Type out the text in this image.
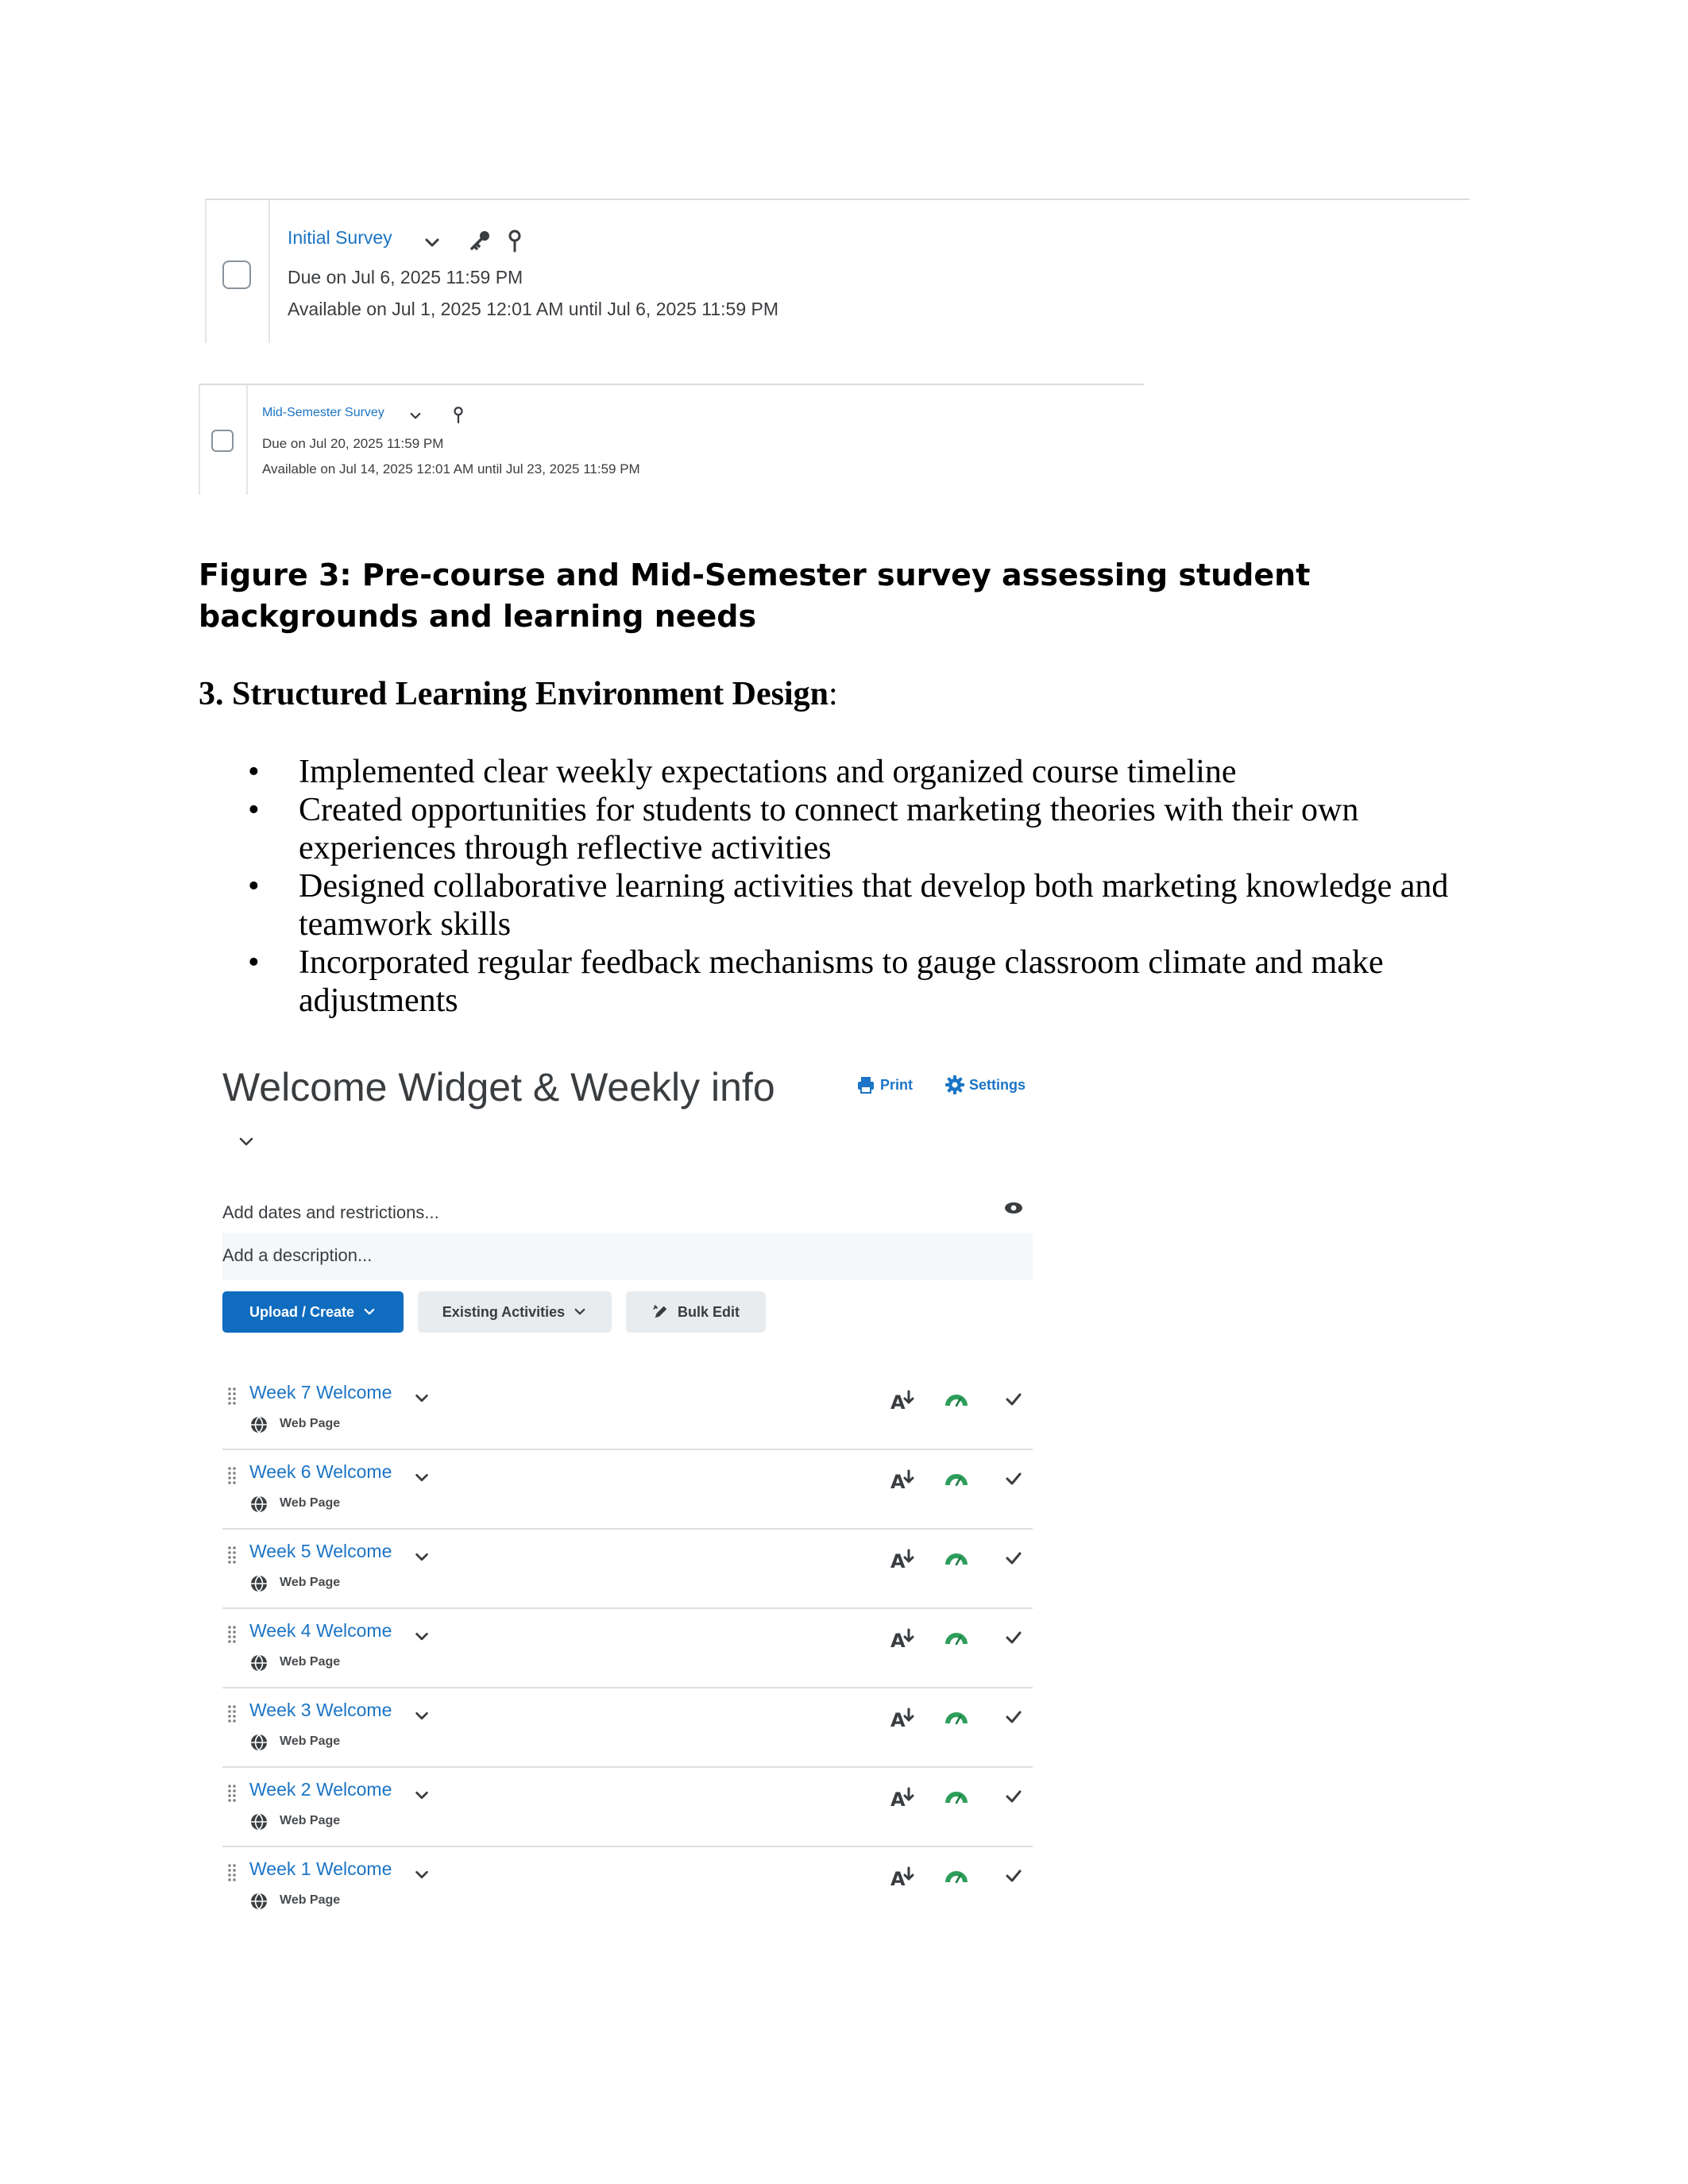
Initial Survey
Due on Jul 6, 2025 11:59 PM
Available on Jul 1, 2025 12:01 AM until Jul 6, 2025 11:59 PM
Mid-Semester Survey
Due on Jul 20, 2025 11:59 PM
Available on Jul 14, 2025 12:01 AM until Jul 23, 2025 11:59 PM
Figure 3: Pre-course and Mid-Semester survey assessing student backgrounds and learning needs
3. Structured Learning Environment Design:
• Implemented clear weekly expectations and organized course timeline
• Created opportunities for students to connect marketing theories with their own experiences through reflective activities
• Designed collaborative learning activities that develop both marketing knowledge and teamwork skills
• Incorporated regular feedback mechanisms to gauge classroom climate and make adjustments
Welcome Widget & Weekly info	Print	Settings
Add dates and restrictions...
Add a description...
Upload / Create	Existing Activities	Bulk Edit
Week 7 Welcome
Web Page
A
Week 6 Welcome
Web Page
A
Week 5 Welcome
Web Page
A
Week 4 Welcome
Web Page
A
Week 3 Welcome
Web Page
A
Week 2 Welcome
Web Page
A
Week 1 Welcome
Web Page
A
